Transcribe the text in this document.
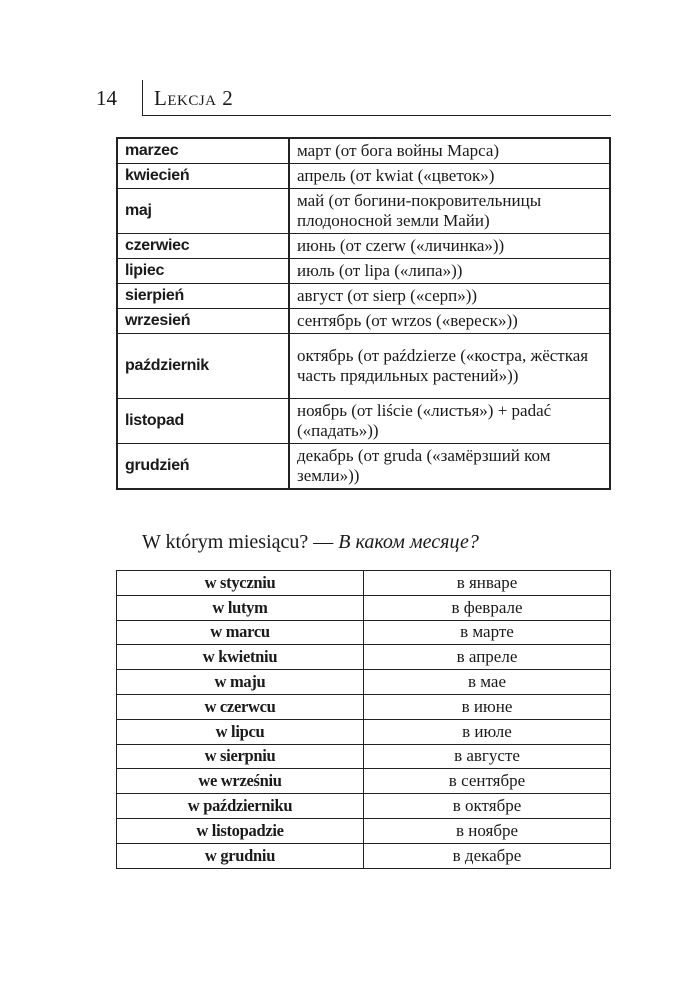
14 Lekcja 2
marzec	март (от бога войны Марса)
kwiecień	апрель (от kwiat («цветок»)
maj	май (от богини-покровительницы плодоносной земли Майи)
czerwiec	июнь (от czerw («личинка»))
lipiec	июль (от lipa («липа»))
sierpień	август (от sierp («серп»))
wrzesień	сентябрь (от wrzos («вереск»))
październik	октябрь (от paździerze («костра, жёсткая часть прядильных растений»))
listopad	ноябрь (от liście («листья») + padać («падать»))
grudzień	декабрь (от gruda («замёрзший ком земли»))
W którym miesiącu? — В каком месяце?
w styczniu	в январе
w lutym	в феврале
w marcu	в марте
w kwietniu	в апреле
w maju	в мае
w czerwcu	в июне
w lipcu	в июле
w sierpniu	в августе
we wrześniu	в сентябре
w październiku	в октябре
w listopadzie	в ноябре
w grudniu	в декабре
